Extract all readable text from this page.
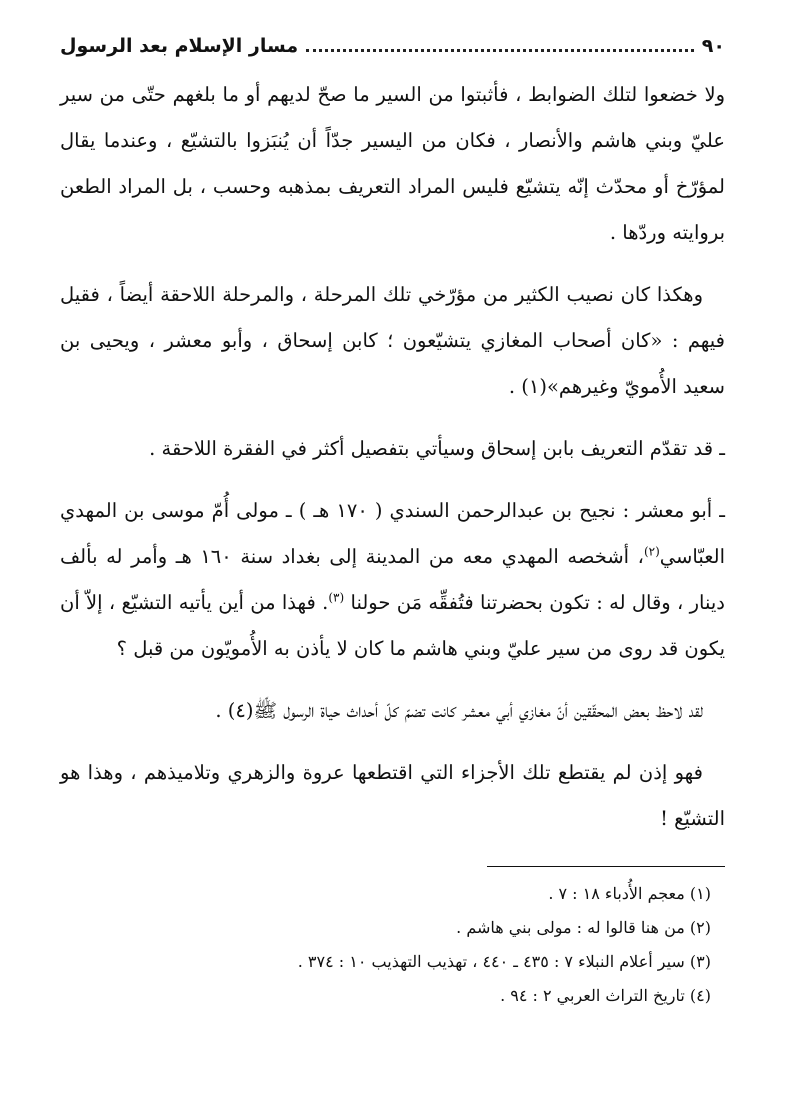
٩٠
مسار الإسلام بعد الرسول

ولا خضعوا لتلك الضوابط ، فأثبتوا من السير ما صحّ لديهم أو ما بلغهم حتّى من سير عليّ وبني هاشم والأنصار ، فكان من اليسير جدّاً أن يُنبَزوا بالتشيّع ، وعندما يقال لمؤرّخ أو محدّث إنّه يتشيّع فليس المراد التعريف بمذهبه وحسب ، بل المراد الطعن بروايته وردّها .

وهكذا كان نصيب الكثير من مؤرّخي تلك المرحلة ، والمرحلة اللاحقة أيضاً ، فقيل فيهم : «كان أصحاب المغازي يتشيّعون ؛ كابن إسحاق ، وأبو معشر ، ويحيى بن سعيد الأُمويّ وغيرهم»(١) .

ـ قد تقدّم التعريف بابن إسحاق وسيأتي بتفصيل أكثر في الفقرة اللاحقة .

ـ أبو معشر : نجيح بن عبدالرحمن السندي ( ١٧٠ هـ ) ـ مولى أُمّ موسى بن المهدي العبّاسي$^{(٢)}$، أشخصه المهدي معه من المدينة إلى بغداد سنة ١٦٠ هـ وأمر له بألف دينار ، وقال له : تكون بحضرتنا فتُفقِّه مَن حولنا $^{(٣)}$. فهذا من أين يأتيه التشيّع ، إلاّ أن يكون قد روى من سير عليّ وبني هاشم ما كان لا يأذن به الأُمويّون من قبل ؟

لقد لاحظ بعض المحقّقين أنّ مغازي أبي معشر كانت تضمّ كلّ أحداث حياة الرسول ﷺ(٤) .

فهو إذن لم يقتطع تلك الأجزاء التي اقتطعها عروة والزهري وتلاميذهم ، وهذا هو التشيّع !

(١) معجم الأُدباء ١٨ : ٧ .

(٢) من هنا قالوا له : مولى بني هاشم .

(٣) سير أعلام النبلاء ٧ : ٤٣٥ ـ ٤٤٠ ، تهذيب التهذيب ١٠ : ٣٧٤ .

(٤) تاريخ التراث العربي ٢ : ٩٤ .
